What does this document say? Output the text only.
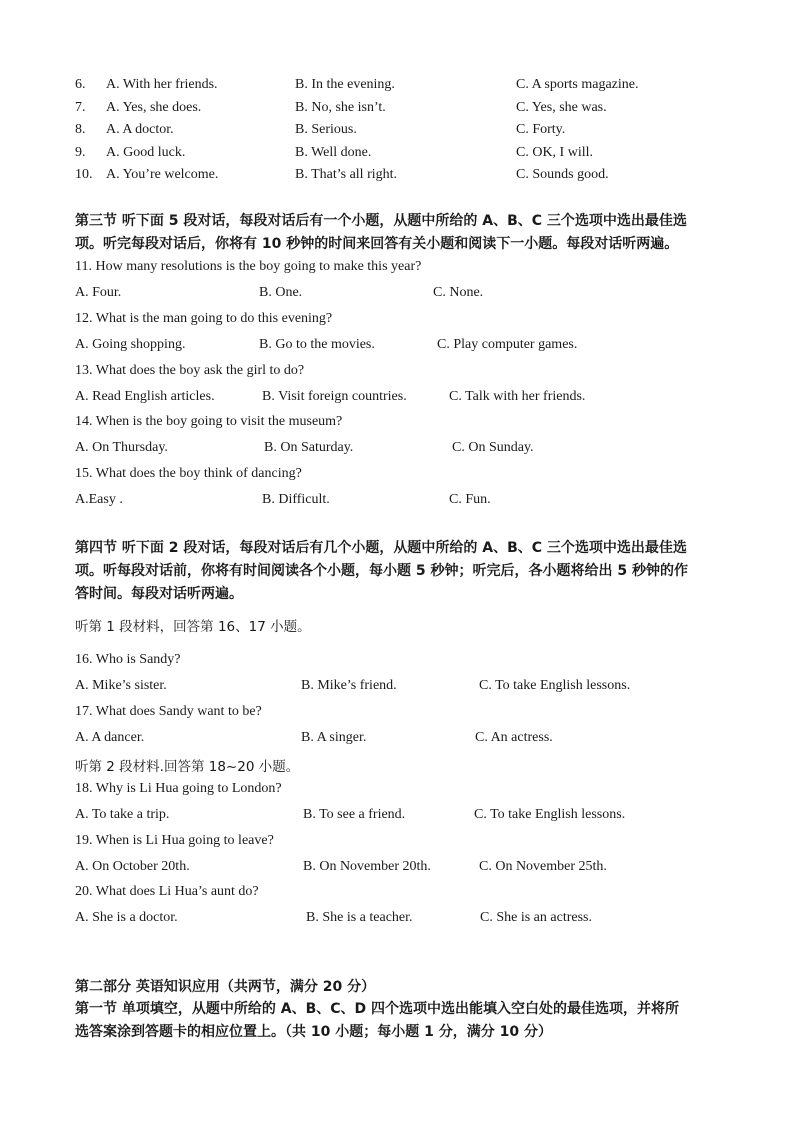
6. A. With her friends.	B. In the evening.	C. A sports magazine.
7. A. Yes, she does.	B. No, she isn’t.	C. Yes, she was.
8. A. A doctor.	B. Serious.	C. Forty.
9. A. Good luck.	B. Well done.	C. OK, I will.
10. A. You’re welcome.	B. That’s all right.	C. Sounds good.
第三节 听下面 5 段对话，每段对话后有一个小题，从题中所给的 A、B、C 三个选项中选出最佳选
项。听完每段对话后，你将有 10 秒钟的时间来回答有关小题和阅读下一小题。每段对话听两遍。
11. How many resolutions is the boy going to make this year?
A. Four.	B. One.	C. None.
12. What is the man going to do this evening?
A. Going shopping.	B. Go to the movies.	C. Play computer games.
13. What does the boy ask the girl to do?
A. Read English articles.	B. Visit foreign countries.	C. Talk with her friends.
14. When is the boy going to visit the museum?
A. On Thursday.	B. On Saturday.	C. On Sunday.
15. What does the boy think of dancing?
A.Easy .	B. Difficult.	C. Fun.
第四节 听下面 2 段对话，每段对话后有几个小题，从题中所给的 A、B、C 三个选项中选出最佳选
项。听每段对话前，你将有时间阅读各个小题，每小题 5 秒钟；听完后，各小题将给出 5 秒钟的作
答时间。每段对话听两遍。
听第 1 段材料，回答第 16、17 小题。
16. Who is Sandy?
A. Mike’s sister.	B. Mike’s friend.	C. To take English lessons.
17. What does Sandy want to be?
A. A dancer.	B. A singer.	C. An actress.
听第 2 段材料.回答第 18~20 小题。
18. Why is Li Hua going to London?
A. To take a trip.	B. To see a friend.	C. To take English lessons.
19. When is Li Hua going to leave?
A. On October 20th.	B. On November 20th.	C. On November 25th.
20. What does Li Hua’s aunt do?
A. She is a doctor.	B. She is a teacher.	C. She is an actress.
第二部分 英语知识应用（共两节，满分 20 分）
第一节 单项填空，从题中所给的 A、B、C、D 四个选项中选出能填入空白处的最佳选项，并将所
选答案涂到答题卡的相应位置上。（共 10 小题；每小题 1 分，满分 10 分）
